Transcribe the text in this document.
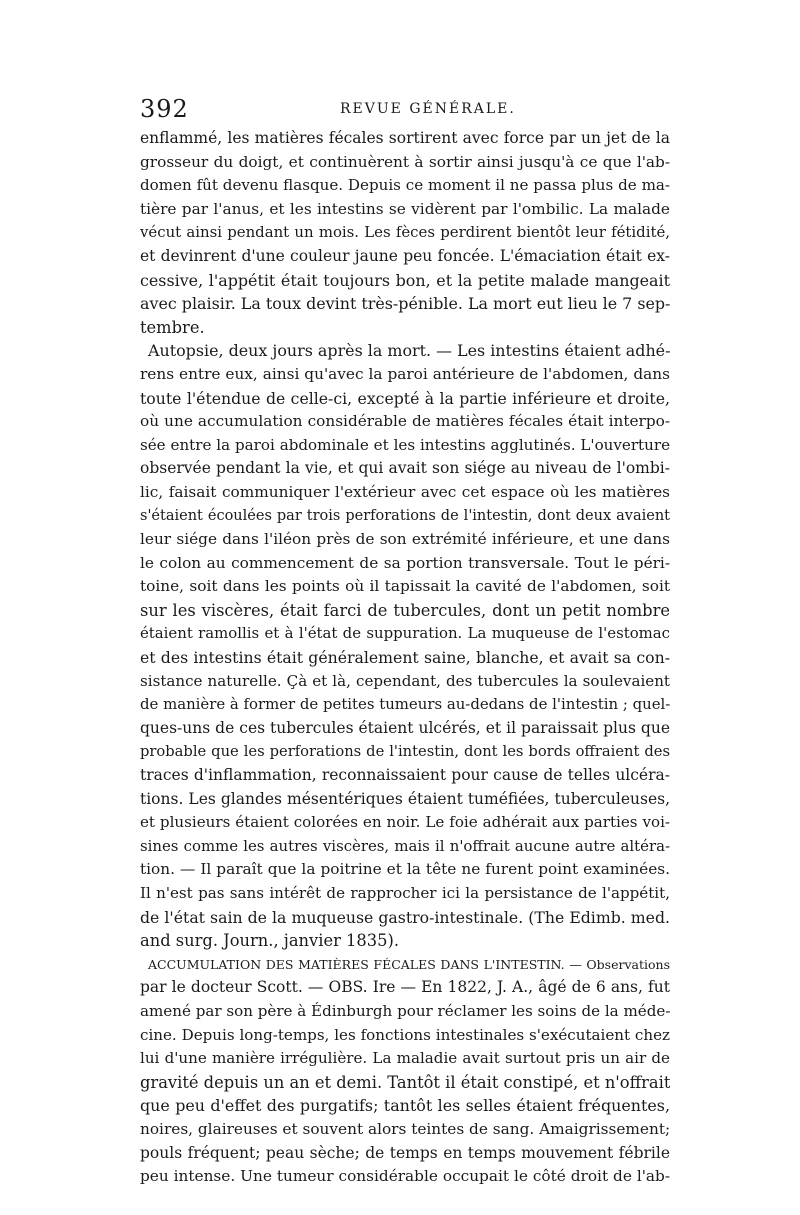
392	REVUE GÉNÉRALE.
enflammé, les matières fécales sortirent avec force par un jet de la
grosseur du doigt, et continuèrent à sortir ainsi jusqu'à ce que l'ab-
domen fût devenu flasque. Depuis ce moment il ne passa plus de ma-
tière par l'anus, et les intestins se vidèrent par l'ombilic. La malade
vécut ainsi pendant un mois. Les fèces perdirent bientôt leur fétidité,
et devinrent d'une couleur jaune peu foncée. L'émaciation était ex-
cessive, l'appétit était toujours bon, et la petite malade mangeait
avec plaisir. La toux devint très-pénible. La mort eut lieu le 7 sep-
tembre.
Autopsie, deux jours après la mort. — Les intestins étaient adhé-
rens entre eux, ainsi qu'avec la paroi antérieure de l'abdomen, dans
toute l'étendue de celle-ci, excepté à la partie inférieure et droite,
où une accumulation considérable de matières fécales était interpo-
sée entre la paroi abdominale et les intestins agglutinés. L'ouverture
observée pendant la vie, et qui avait son siége au niveau de l'ombi-
lic, faisait communiquer l'extérieur avec cet espace où les matières
s'étaient écoulées par trois perforations de l'intestin, dont deux avaient
leur siége dans l'iléon près de son extrémité inférieure, et une dans
le colon au commencement de sa portion transversale. Tout le péri-
toine, soit dans les points où il tapissait la cavité de l'abdomen, soit
sur les viscères, était farci de tubercules, dont un petit nombre
étaient ramollis et à l'état de suppuration. La muqueuse de l'estomac
et des intestins était généralement saine, blanche, et avait sa con-
sistance naturelle. Çà et là, cependant, des tubercules la soulevaient
de manière à former de petites tumeurs au-dedans de l'intestin ; quel-
ques-uns de ces tubercules étaient ulcérés, et il paraissait plus que
probable que les perforations de l'intestin, dont les bords offraient des
traces d'inflammation, reconnaissaient pour cause de telles ulcéra-
tions. Les glandes mésentériques étaient tuméfiées, tuberculeuses,
et plusieurs étaient colorées en noir. Le foie adhérait aux parties voi-
sines comme les autres viscères, mais il n'offrait aucune autre altéra-
tion. — Il paraît que la poitrine et la tête ne furent point examinées.
Il n'est pas sans intérêt de rapprocher ici la persistance de l'appétit,
de l'état sain de la muqueuse gastro-intestinale. (The Edimb. med.
and surg. Journ., janvier 1835).
ACCUMULATION DES MATIÈRES FÉCALES DANS L'INTESTIN. — Observations
par le docteur Scott. — OBS. Ire — En 1822, J. A., âgé de 6 ans, fut
amené par son père à Édinburgh pour réclamer les soins de la méde-
cine. Depuis long-temps, les fonctions intestinales s'exécutaient chez
lui d'une manière irrégulière. La maladie avait surtout pris un air de
gravité depuis un an et demi. Tantôt il était constipé, et n'offrait
que peu d'effet des purgatifs; tantôt les selles étaient fréquentes,
noires, glaireuses et souvent alors teintes de sang. Amaigrissement;
pouls fréquent; peau sèche; de temps en temps mouvement fébrile
peu intense. Une tumeur considérable occupait le côté droit de l'ab-
